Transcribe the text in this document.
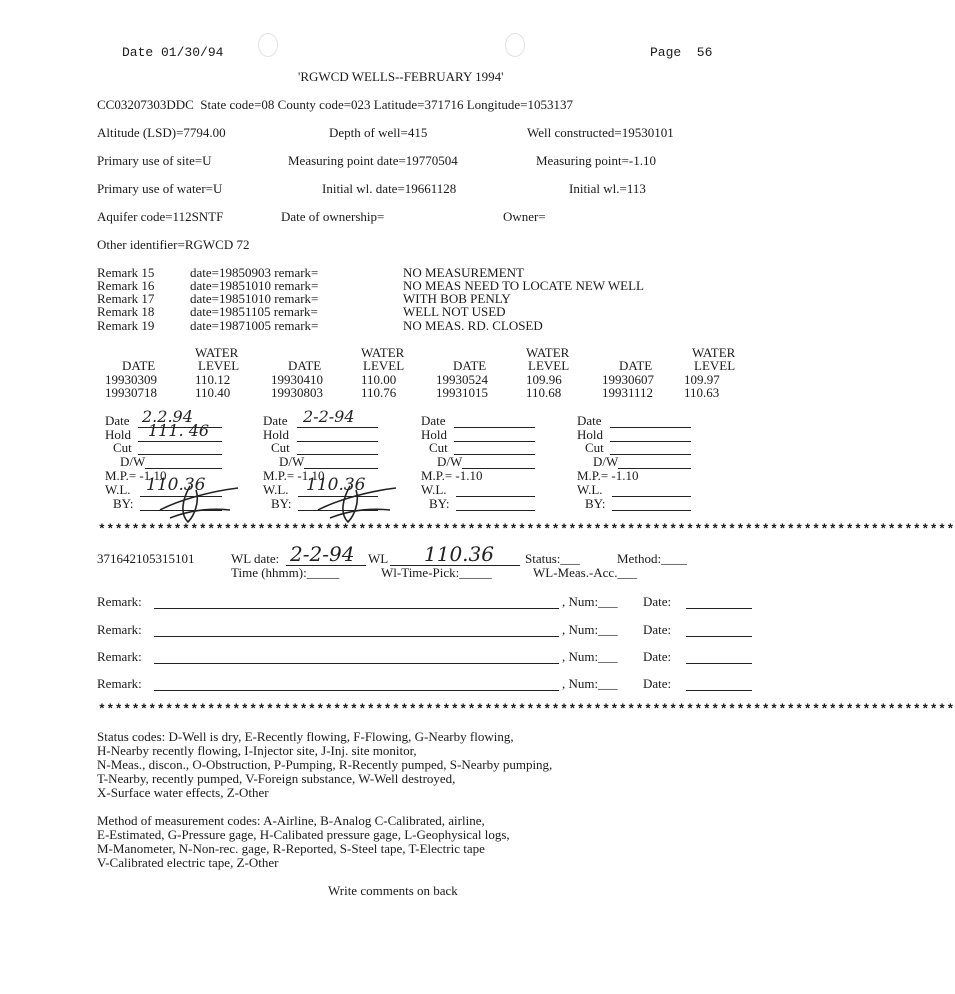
Date 01/30/94	Page  56
'RGWCD WELLS--FEBRUARY 1994'
CC03207303DDC  State code=08 County code=023 Latitude=371716 Longitude=1053137
Altitude (LSD)=7794.00	Depth of well=415	Well constructed=19530101
Primary use of site=U	Measuring point date=19770504	Measuring point=-1.10
Primary use of water=U	Initial wl. date=19661128	Initial wl.=113
Aquifer code=112SNTF	Date of ownership=	Owner=
Other identifier=RGWCD 72
Remark 15	date=19850903 remark=	NO MEASUREMENT
Remark 16	date=19851010 remark=	NO MEAS NEED TO LOCATE NEW WELL
Remark 17	date=19851010 remark=	WITH BOB PENLY
Remark 18	date=19851105 remark=	WELL NOT USED
Remark 19	date=19871005 remark=	NO MEAS. RD. CLOSED
WATER	WATER	WATER	WATER
DATE	LEVEL	DATE	LEVEL	DATE	LEVEL	DATE	LEVEL
19930309	110.12	19930410	110.00	19930524	109.96	19930607 109.97
19930718	110.40	19930803	110.76	19931015	110.68	19931112 110.63
Date 2.2.94
Hold 111. 46
Cut
D/W
M.P.= -1.10
W.L. 110.36
BY:
Date 2-2-94
Hold
Cut
D/W
M.P.= -1.10
W.L. 110.36
BY:
Date
Hold
Cut
D/W
M.P.= -1.10
W.L.
BY:
Date
Hold
Cut
D/W
M.P.= -1.10
W.L.
BY:
******************************************************************************************************
371642105315101	WL date: 2-2-94 WL 110.36 Status:___	Method:____
Time (hhmm):_____	Wl-Time-Pick:_____	WL-Meas.-Acc.___
Remark:	, Num:___ Date:
Remark:	, Num:___ Date:
Remark:	, Num:___ Date:
Remark:	, Num:___ Date:
******************************************************************************************************
Status codes: D-Well is dry, E-Recently flowing, F-Flowing, G-Nearby flowing,
H-Nearby recently flowing, I-Injector site, J-Inj. site monitor,
N-Meas., discon., O-Obstruction, P-Pumping, R-Recently pumped, S-Nearby pumping,
T-Nearby, recently pumped, V-Foreign substance, W-Well destroyed,
X-Surface water effects, Z-Other
Method of measurement codes: A-Airline, B-Analog C-Calibrated, airline,
E-Estimated, G-Pressure gage, H-Calibated pressure gage, L-Geophysical logs,
M-Manometer, N-Non-rec. gage, R-Reported, S-Steel tape, T-Electric tape
V-Calibrated electric tape, Z-Other
Write comments on back
